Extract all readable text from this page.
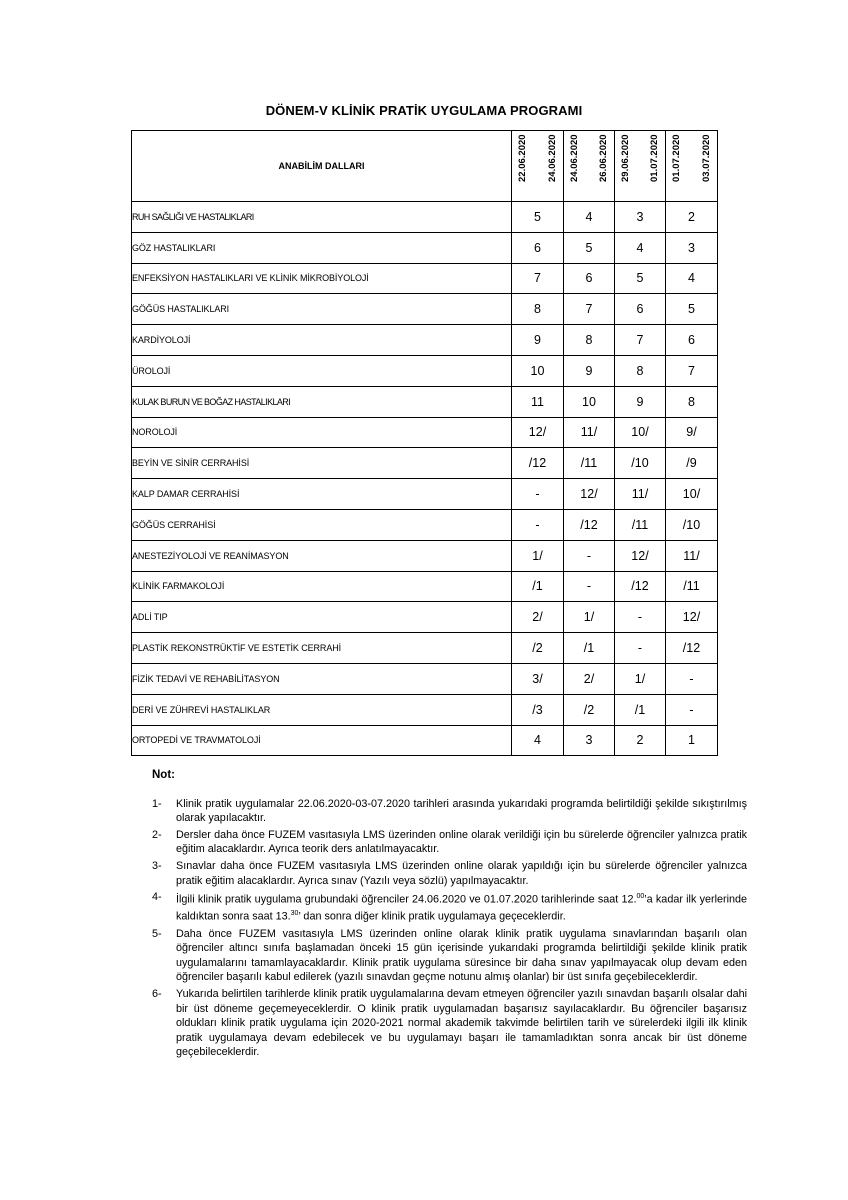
DÖNEM-V KLİNİK PRATİK UYGULAMA PROGRAMI
ANABİLİM DALLARI	22.06.2020 24.06.2020	24.06.2020 26.06.2020	29.06.2020 01.07.2020	01.07.2020 03.07.2020

RUH SAĞLIĞI VE HASTALIKLARI	5	4	3	2
GÖZ HASTALIKLARI	6	5	4	3
ENFEKSİYON HASTALIKLARI VE KLİNİK MİKROBİYOLOJİ	7	6	5	4
GÖĞÜS HASTALIKLARI	8	7	6	5
KARDİYOLOJİ	9	8	7	6
ÜROLOJİ	10	9	8	7
KULAK BURUN VE BOĞAZ HASTALIKLARI	11	10	9	8
NOROLOJİ	12/	11/	10/	9/
BEYİN VE SİNİR CERRAHİSİ	/12	/11	/10	/9
KALP DAMAR CERRAHİSİ	-	12/	11/	10/
GÖĞÜS CERRAHİSİ	-	/12	/11	/10
ANESTEZİYOLOJİ VE REANİMASYON	1/	-	12/	11/
KLİNİK FARMAKOLOJİ	/1	-	/12	/11
ADLİ TIP	2/	1/	-	12/
PLASTİK REKONSTRÜKTİF VE ESTETİK CERRAHİ	/2	/1	-	/12
FİZİK TEDAVİ VE REHABİLİTASYON	3/	2/	1/	-
DERİ VE ZÜHREVİ HASTALIKLAR	/3	/2	/1	-
ORTOPEDİ VE TRAVMATOLOJİ	4	3	2	1
Not:
1-	Klinik pratik uygulamalar 22.06.2020-03-07.2020 tarihleri arasında yukarıdaki programda belirtildiği şekilde sıkıştırılmış olarak yapılacaktır.
2-	Dersler daha önce FUZEM vasıtasıyla LMS üzerinden online olarak verildiği için bu sürelerde öğrenciler yalnızca pratik eğitim alacaklardır. Ayrıca teorik ders anlatılmayacaktır.
3-	Sınavlar daha önce FUZEM vasıtasıyla LMS üzerinden online olarak yapıldığı için bu sürelerde öğrenciler yalnızca pratik eğitim alacaklardır. Ayrıca sınav (Yazılı veya sözlü) yapılmayacaktır.
4-	İlgili klinik pratik uygulama grubundaki öğrenciler 24.06.2020 ve 01.07.2020 tarihlerinde saat 12.00’a kadar ilk yerlerinde kaldıktan sonra saat 13.30’ dan sonra diğer klinik pratik uygulamaya geçeceklerdir.
5-	Daha önce FUZEM vasıtasıyla LMS üzerinden online olarak klinik pratik uygulama sınavlarından başarılı olan öğrenciler altıncı sınıfa başlamadan önceki 15 gün içerisinde yukarıdaki programda belirtildiği şekilde klinik pratik uygulamalarını tamamlayacaklardır. Klinik pratik uygulama süresince bir daha sınav yapılmayacak olup devam eden öğrenciler başarılı kabul edilerek (yazılı sınavdan geçme notunu almış olanlar) bir üst sınıfa geçebileceklerdir.
6-	Yukarıda belirtilen tarihlerde klinik pratik uygulamalarına devam etmeyen öğrenciler yazılı sınavdan başarılı olsalar dahi bir üst döneme geçemeyeceklerdir. O klinik pratik uygulamadan başarısız sayılacaklardır. Bu öğrenciler başarısız oldukları klinik pratik uygulama için 2020-2021 normal akademik takvimde belirtilen tarih ve sürelerdeki ilgili ilk klinik pratik uygulamaya devam edebilecek ve bu uygulamayı başarı ile tamamladıktan sonra ancak bir üst döneme geçebileceklerdir.
